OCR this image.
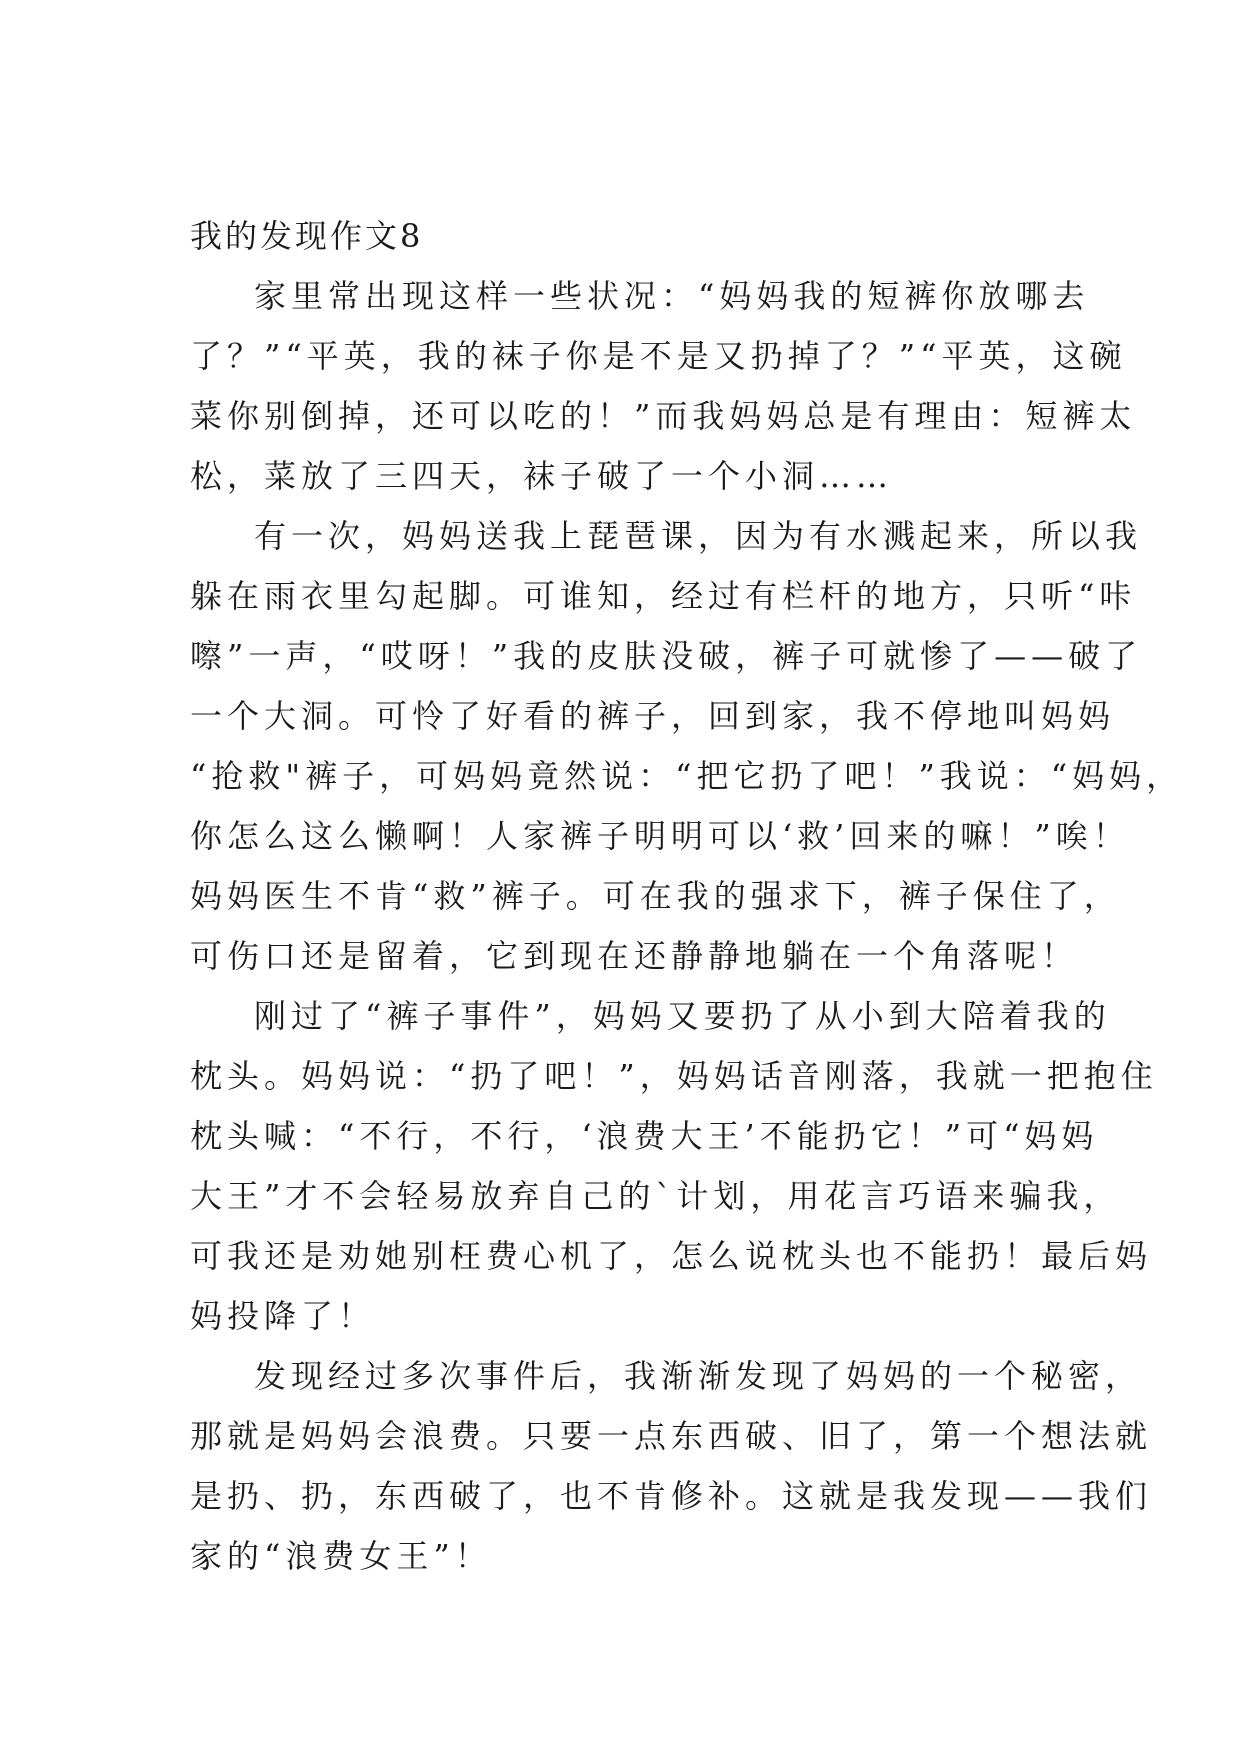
我的发现作文8
家里常出现这样一些状况：“妈妈我的短裤你放哪去
了？”“平英，我的袜子你是不是又扔掉了？”“平英，这碗
菜你别倒掉，还可以吃的！”而我妈妈总是有理由：短裤太
松，菜放了三四天，袜子破了一个小洞……
有一次，妈妈送我上琵琶课，因为有水溅起来，所以我
躲在雨衣里勾起脚。可谁知，经过有栏杆的地方，只听“咔
嚓”一声，“哎呀！”我的皮肤没破，裤子可就惨了——破了
一个大洞。可怜了好看的裤子，回到家，我不停地叫妈妈
“抢救"裤子，可妈妈竟然说：“把它扔了吧！”我说：“妈妈，
你怎么这么懒啊！人家裤子明明可以‘救’回来的嘛！”唉！
妈妈医生不肯“救”裤子。可在我的强求下，裤子保住了，
可伤口还是留着，它到现在还静静地躺在一个角落呢！
刚过了“裤子事件”，妈妈又要扔了从小到大陪着我的
枕头。妈妈说：“扔了吧！”，妈妈话音刚落，我就一把抱住
枕头喊：“不行，不行，‘浪费大王’不能扔它！”可“妈妈
大王”才不会轻易放弃自己的`计划，用花言巧语来骗我，
可我还是劝她别枉费心机了，怎么说枕头也不能扔！最后妈
妈投降了！
发现经过多次事件后，我渐渐发现了妈妈的一个秘密，
那就是妈妈会浪费。只要一点东西破、旧了，第一个想法就
是扔、扔，东西破了，也不肯修补。这就是我发现——我们
家的“浪费女王”！
